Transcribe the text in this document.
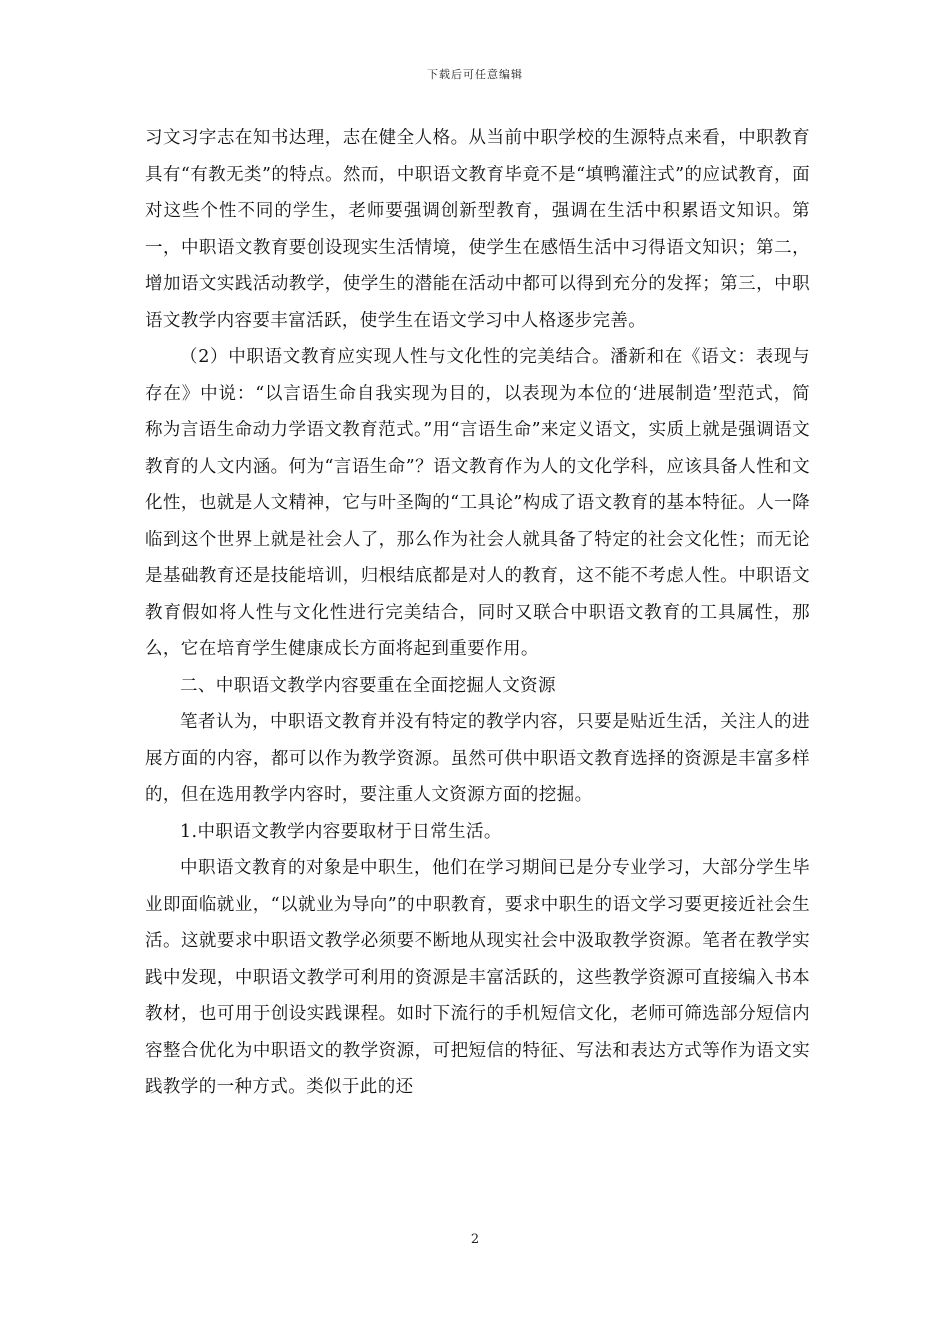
下载后可任意编辑

习文习字志在知书达理，志在健全人格。从当前中职学校的生源特点来看，中职教育具有“有教无类”的特点。然而，中职语文教育毕竟不是“填鸭灌注式”的应试教育，面对这些个性不同的学生，老师要强调创新型教育，强调在生活中积累语文知识。第一，中职语文教育要创设现实生活情境，使学生在感悟生活中习得语文知识；第二，增加语文实践活动教学，使学生的潜能在活动中都可以得到充分的发挥；第三，中职语文教学内容要丰富活跃，使学生在语文学习中人格逐步完善。

（2）中职语文教育应实现人性与文化性的完美结合。潘新和在《语文：表现与存在》中说：“以言语生命自我实现为目的，以表现为本位的‘进展制造’型范式，简称为言语生命动力学语文教育范式。”用“言语生命”来定义语文，实质上就是强调语文教育的人文内涵。何为“言语生命”？语文教育作为人的文化学科，应该具备人性和文化性，也就是人文精神，它与叶圣陶的“工具论”构成了语文教育的基本特征。人一降临到这个世界上就是社会人了，那么作为社会人就具备了特定的社会文化性；而无论是基础教育还是技能培训，归根结底都是对人的教育，这不能不考虑人性。中职语文教育假如将人性与文化性进行完美结合，同时又联合中职语文教育的工具属性，那么，它在培育学生健康成长方面将起到重要作用。

二、中职语文教学内容要重在全面挖掘人文资源

笔者认为，中职语文教育并没有特定的教学内容，只要是贴近生活，关注人的进展方面的内容，都可以作为教学资源。虽然可供中职语文教育选择的资源是丰富多样的，但在选用教学内容时，要注重人文资源方面的挖掘。

1.中职语文教学内容要取材于日常生活。

中职语文教育的对象是中职生，他们在学习期间已是分专业学习，大部分学生毕业即面临就业，“以就业为导向”的中职教育，要求中职生的语文学习要更接近社会生活。这就要求中职语文教学必须要不断地从现实社会中汲取教学资源。笔者在教学实践中发现，中职语文教学可利用的资源是丰富活跃的，这些教学资源可直接编入书本教材，也可用于创设实践课程。如时下流行的手机短信文化，老师可筛选部分短信内容整合优化为中职语文的教学资源，可把短信的特征、写法和表达方式等作为语文实践教学的一种方式。类似于此的还

2
